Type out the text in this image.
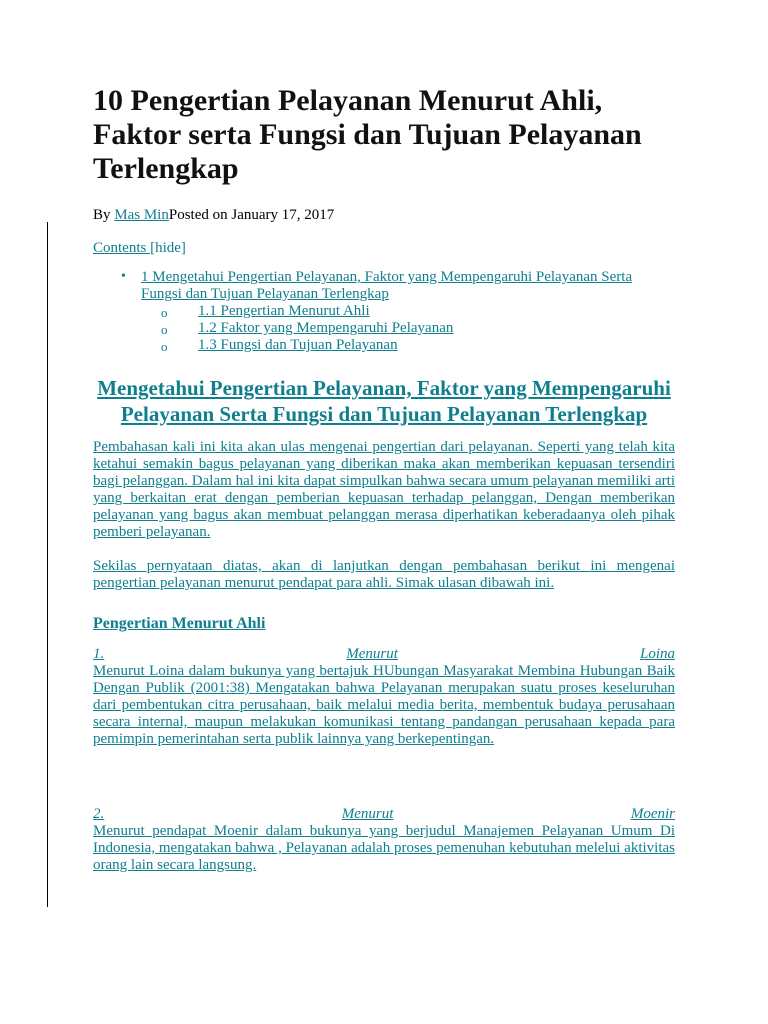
10 Pengertian Pelayanan Menurut Ahli, Faktor serta Fungsi dan Tujuan Pelayanan Terlengkap
By Mas MinPosted on January 17, 2017
Contents [hide]
• 1 Mengetahui Pengertian Pelayanan, Faktor yang Mempengaruhi Pelayanan Serta Fungsi dan Tujuan Pelayanan Terlengkap
o 1.1 Pengertian Menurut Ahli
o 1.2 Faktor yang Mempengaruhi Pelayanan
o 1.3 Fungsi dan Tujuan Pelayanan
Mengetahui Pengertian Pelayanan, Faktor yang Mempengaruhi Pelayanan Serta Fungsi dan Tujuan Pelayanan Terlengkap
Pembahasan kali ini kita akan ulas mengenai pengertian dari pelayanan. Seperti yang telah kita ketahui semakin bagus pelayanan yang diberikan maka akan memberikan kepuasan tersendiri bagi pelanggan. Dalam hal ini kita dapat simpulkan bahwa secara umum pelayanan memiliki arti yang berkaitan erat dengan pemberian kepuasan terhadap pelanggan, Dengan memberikan pelayanan yang bagus akan membuat pelanggan merasa diperhatikan keberadaanya oleh pihak pemberi pelayanan.
Sekilas pernyataan diatas, akan di lanjutkan dengan pembahasan berikut ini mengenai pengertian pelayanan menurut pendapat para ahli. Simak ulasan dibawah ini.
Pengertian Menurut Ahli
1.	Menurut	Loina
Menurut Loina dalam bukunya yang bertajuk HUbungan Masyarakat Membina Hubungan Baik Dengan Publik (2001:38) Mengatakan bahwa Pelayanan merupakan suatu proses keseluruhan dari pembentukan citra perusahaan, baik melalui media berita, membentuk budaya perusahaan secara internal, maupun melakukan komunikasi tentang pandangan perusahaan kepada para pemimpin pemerintahan serta publik lainnya yang berkepentingan.
2.	Menurut	Moenir
Menurut pendapat Moenir dalam bukunya yang berjudul Manajemen Pelayanan Umum Di Indonesia, mengatakan bahwa , Pelayanan adalah proses pemenuhan kebutuhan melelui aktivitas orang lain secara langsung.
